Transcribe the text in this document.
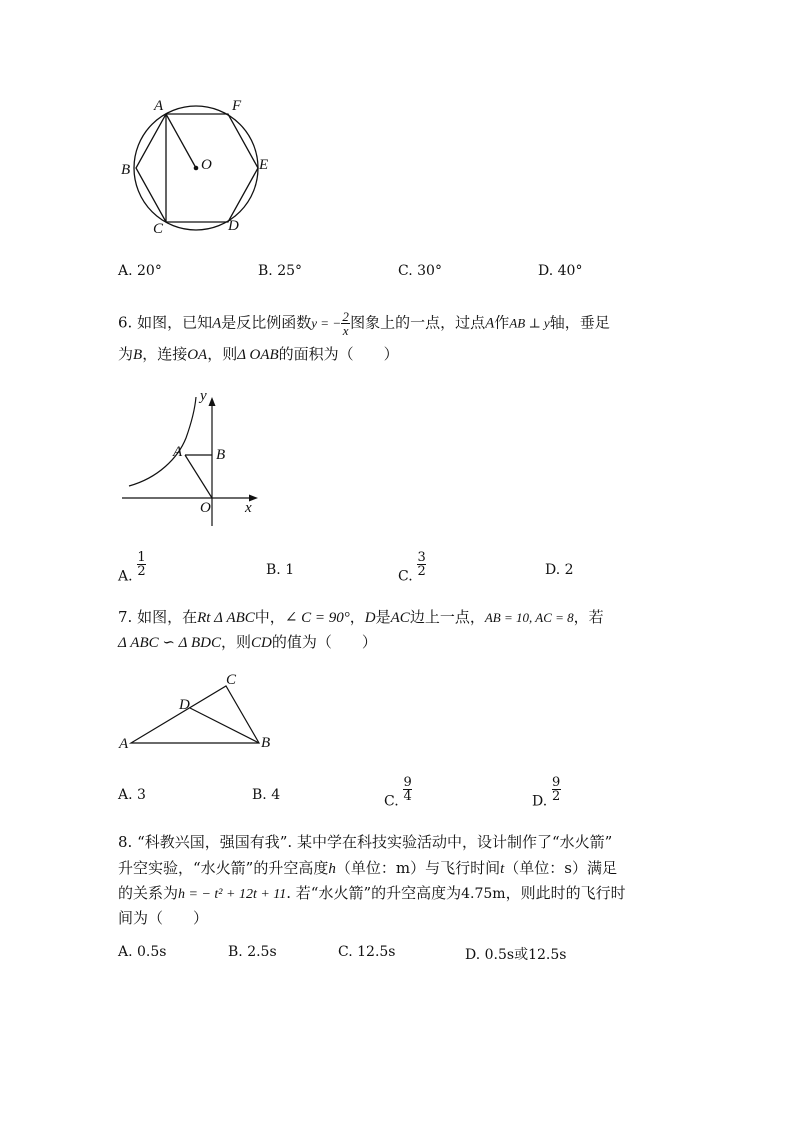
A	F
B	O	E
C	D
A. 20°	B. 25°	C. 30°	D. 40°
6. 如图，已知A是反比例函数y = − $\frac{2}{x}$ 图象上的一点，过点A作AB ⊥ y轴，垂足
为B，连接OA，则Δ OAB的面积为（　　）
y
A B
O x
A. $\frac{1}{2}$	B. 1	C. $\frac{3}{2}$	D. 2
7. 如图，在Rt Δ ABC中，∠ C = 90°，D是AC边上一点，AB = 10, AC = 8，若
Δ ABC ∽ Δ BDC，则CD的值为（　　）
C
D
A	B
A. 3	B. 4	C. $\frac{9}{4}$	D. $\frac{9}{2}$
8. “科教兴国，强国有我”. 某中学在科技实验活动中，设计制作了“水火箭”
升空实验，“水火箭”的升空高度h（单位：m）与飞行时间t（单位：s）满足
的关系为h = − t² + 12t + 11. 若“水火箭”的升空高度为4.75m，则此时的飞行时
间为（　　）
A. 0.5s	B. 2.5s	C. 12.5s	D. 0.5s或12.5s
